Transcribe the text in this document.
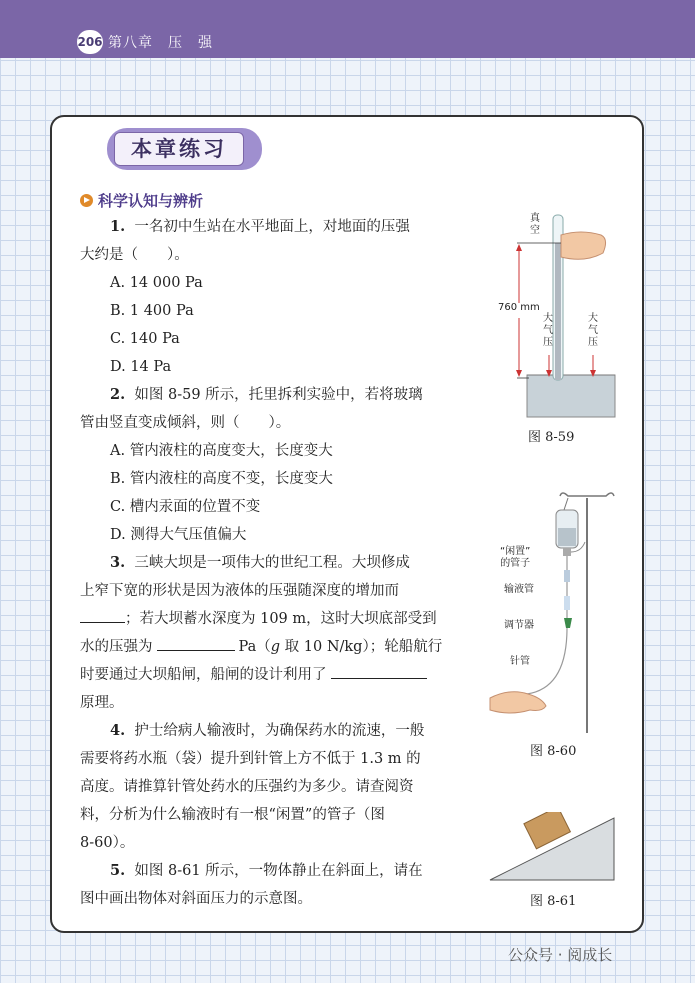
206 第八章　压　强
本章练习
科学认知与辨析
1. 一名初中生站在水平地面上，对地面的压强
大约是（　　）。
A. 14 000 Pa
B. 1 400 Pa
C. 140 Pa
D. 14 Pa
2. 如图 8-59 所示，托里拆利实验中，若将玻璃
管由竖直变成倾斜，则（　　）。
A. 管内液柱的高度变大，长度变大
B. 管内液柱的高度不变，长度变大
C. 槽内汞面的位置不变
D. 测得大气压值偏大
3. 三峡大坝是一项伟大的世纪工程。大坝修成
上窄下宽的形状是因为液体的压强随深度的增加而
；若大坝蓄水深度为 109 m，这时大坝底部受到
水的压强为	Pa（g 取 10 N/kg）；轮船航行
时要通过大坝船闸，船闸的设计利用了
原理。
4. 护士给病人输液时，为确保药水的流速，一般
需要将药水瓶（袋）提升到针管上方不低于 1.3 m 的
高度。请推算针管处药水的压强约为多少。请查阅资
料，分析为什么输液时有一根“闲置”的管子（图
8-60）。
5. 如图 8-61 所示，一物体静止在斜面上，请在
图中画出物体对斜面压力的示意图。
真
空
760 mm
大
气
压
大
气
压
图 8-59
“闲置”
的管子
输液管
调节器
针管
图 8-60
图 8-61
公众号 · 阅成长
